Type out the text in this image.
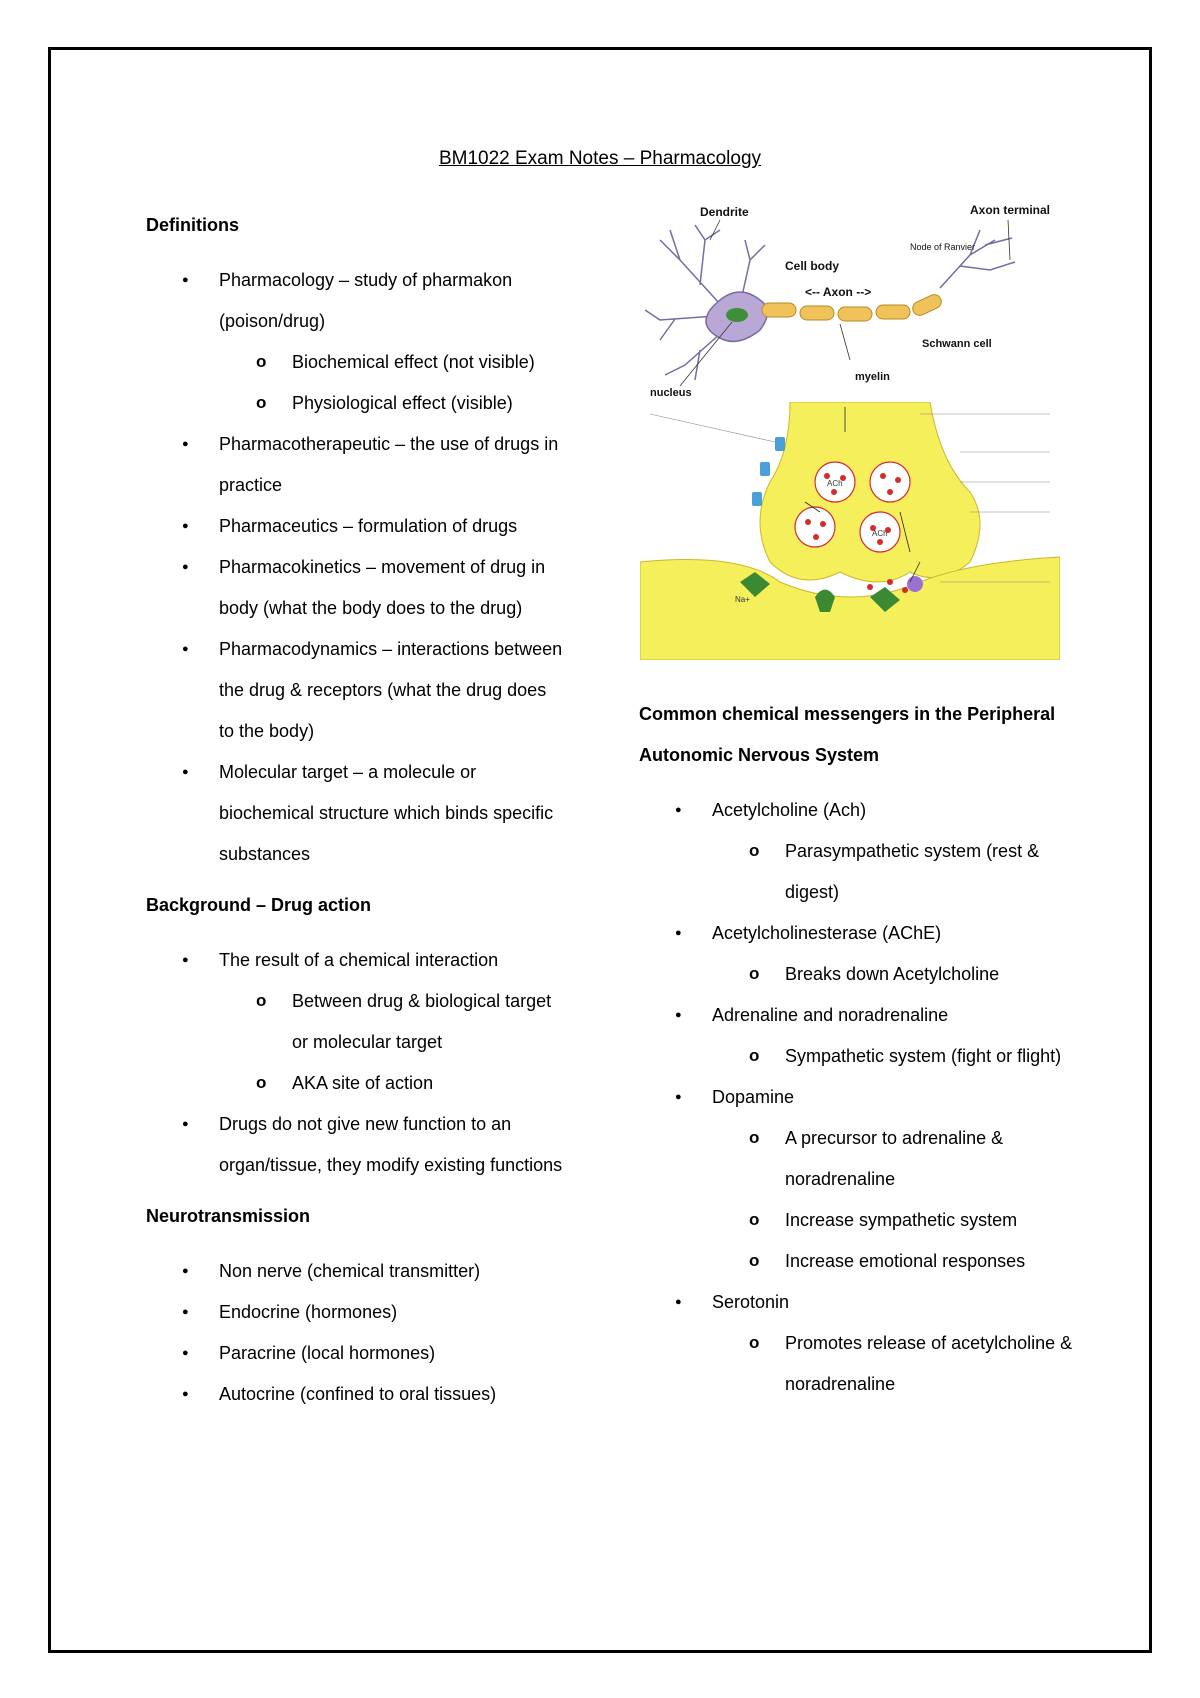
BM1022 Exam Notes – Pharmacology
Definitions
● Pharmacology – study of pharmakon (poison/drug)
o Biochemical effect (not visible)
o Physiological effect (visible)
● Pharmacotherapeutic – the use of drugs in practice
● Pharmaceutics – formulation of drugs
● Pharmacokinetics – movement of drug in body (what the body does to the drug)
● Pharmacodynamics – interactions between the drug & receptors (what the drug does to the body)
● Molecular target – a molecule or biochemical structure which binds specific substances
Background – Drug action
● The result of a chemical interaction
o Between drug & biological target or molecular target
o AKA site of action
● Drugs do not give new function to an organ/tissue, they modify existing functions
Neurotransmission
● Non nerve (chemical transmitter)
● Endocrine (hormones)
● Paracrine (local hormones)
● Autocrine (confined to oral tissues)
Dendrite	Axon terminal
Cell body
<-- Axon -->
Schwann cell
nucleus
myelin
Node of Ranvier
ACh
ACh
Na+
Common chemical messengers in the Peripheral Autonomic Nervous System
● Acetylcholine (Ach)
o Parasympathetic system (rest & digest)
● Acetylcholinesterase (AChE)
o Breaks down Acetylcholine
● Adrenaline and noradrenaline
o Sympathetic system (fight or flight)
● Dopamine
o A precursor to adrenaline & noradrenaline
o Increase sympathetic system
o Increase emotional responses
● Serotonin
o Promotes release of acetylcholine & noradrenaline
